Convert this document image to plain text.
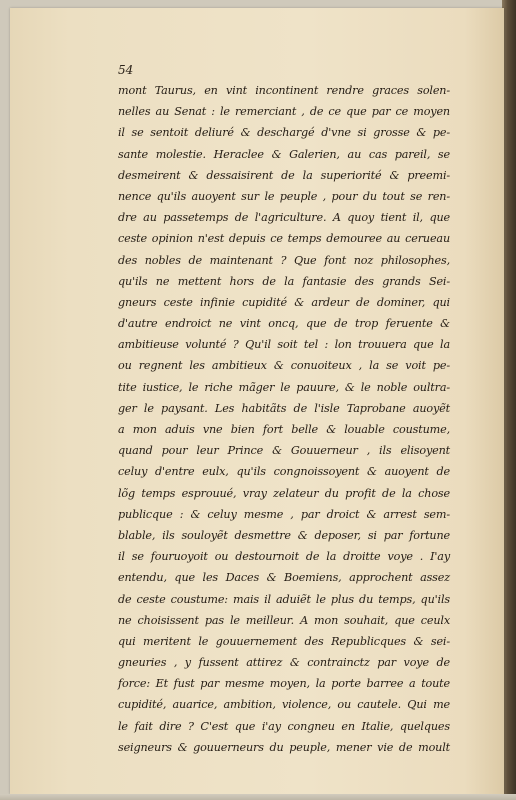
54
mont Taurus, en vint incontinent rendre graces solen-
nelles au Senat : le remerciant , de ce que par ce moyen
il se sentoit deliuré & deschargé d'vne si grosse & pe-
sante molestie. Heraclee & Galerien, au cas pareil, se
desmeirent & dessaisirent de la superiorité & preemi-
nence qu'ils auoyent sur le peuple , pour du tout se ren-
dre au passetemps de l'agriculture. A quoy tient il, que
ceste opinion n'est depuis ce temps demouree au cerueau
des nobles de maintenant ? Que font noz philosophes,
qu'ils ne mettent hors de la fantasie des grands Sei-
gneurs ceste infinie cupidité & ardeur de dominer, qui
d'autre endroict ne vint oncq, que de trop feruente &
ambitieuse volunté ? Qu'il soit tel : lon trouuera que la
ou regnent les ambitieux & conuoiteux , la se voit pe-
tite iustice, le riche mãger le pauure, & le noble oultra-
ger le paysant. Les habitãts de l'isle Taprobane auoyẽt
a mon aduis vne bien fort belle & louable coustume,
quand pour leur Prince & Gouuerneur , ils elisoyent
celuy d'entre eulx, qu'ils congnoissoyent & auoyent de
lõg temps esprouué, vray zelateur du profit de la chose
publicque : & celuy mesme , par droict & arrest sem-
blable, ils souloyẽt desmettre & deposer, si par fortune
il se fouruoyoit ou destournoit de la droitte voye . I'ay
entendu, que les Daces & Boemiens, approchent assez
de ceste coustume: mais il aduiẽt le plus du temps, qu'ils
ne choisissent pas le meilleur. A mon souhait, que ceulx
qui meritent le gouuernement des Republicques & sei-
gneuries , y fussent attirez & contrainctz par voye de
force: Et fust par mesme moyen, la porte barree a toute
cupidité, auarice, ambition, violence, ou cautele. Qui me
le fait dire ? C'est que i'ay congneu en Italie, quelques
seigneurs & gouuerneurs du peuple, mener vie de moult
